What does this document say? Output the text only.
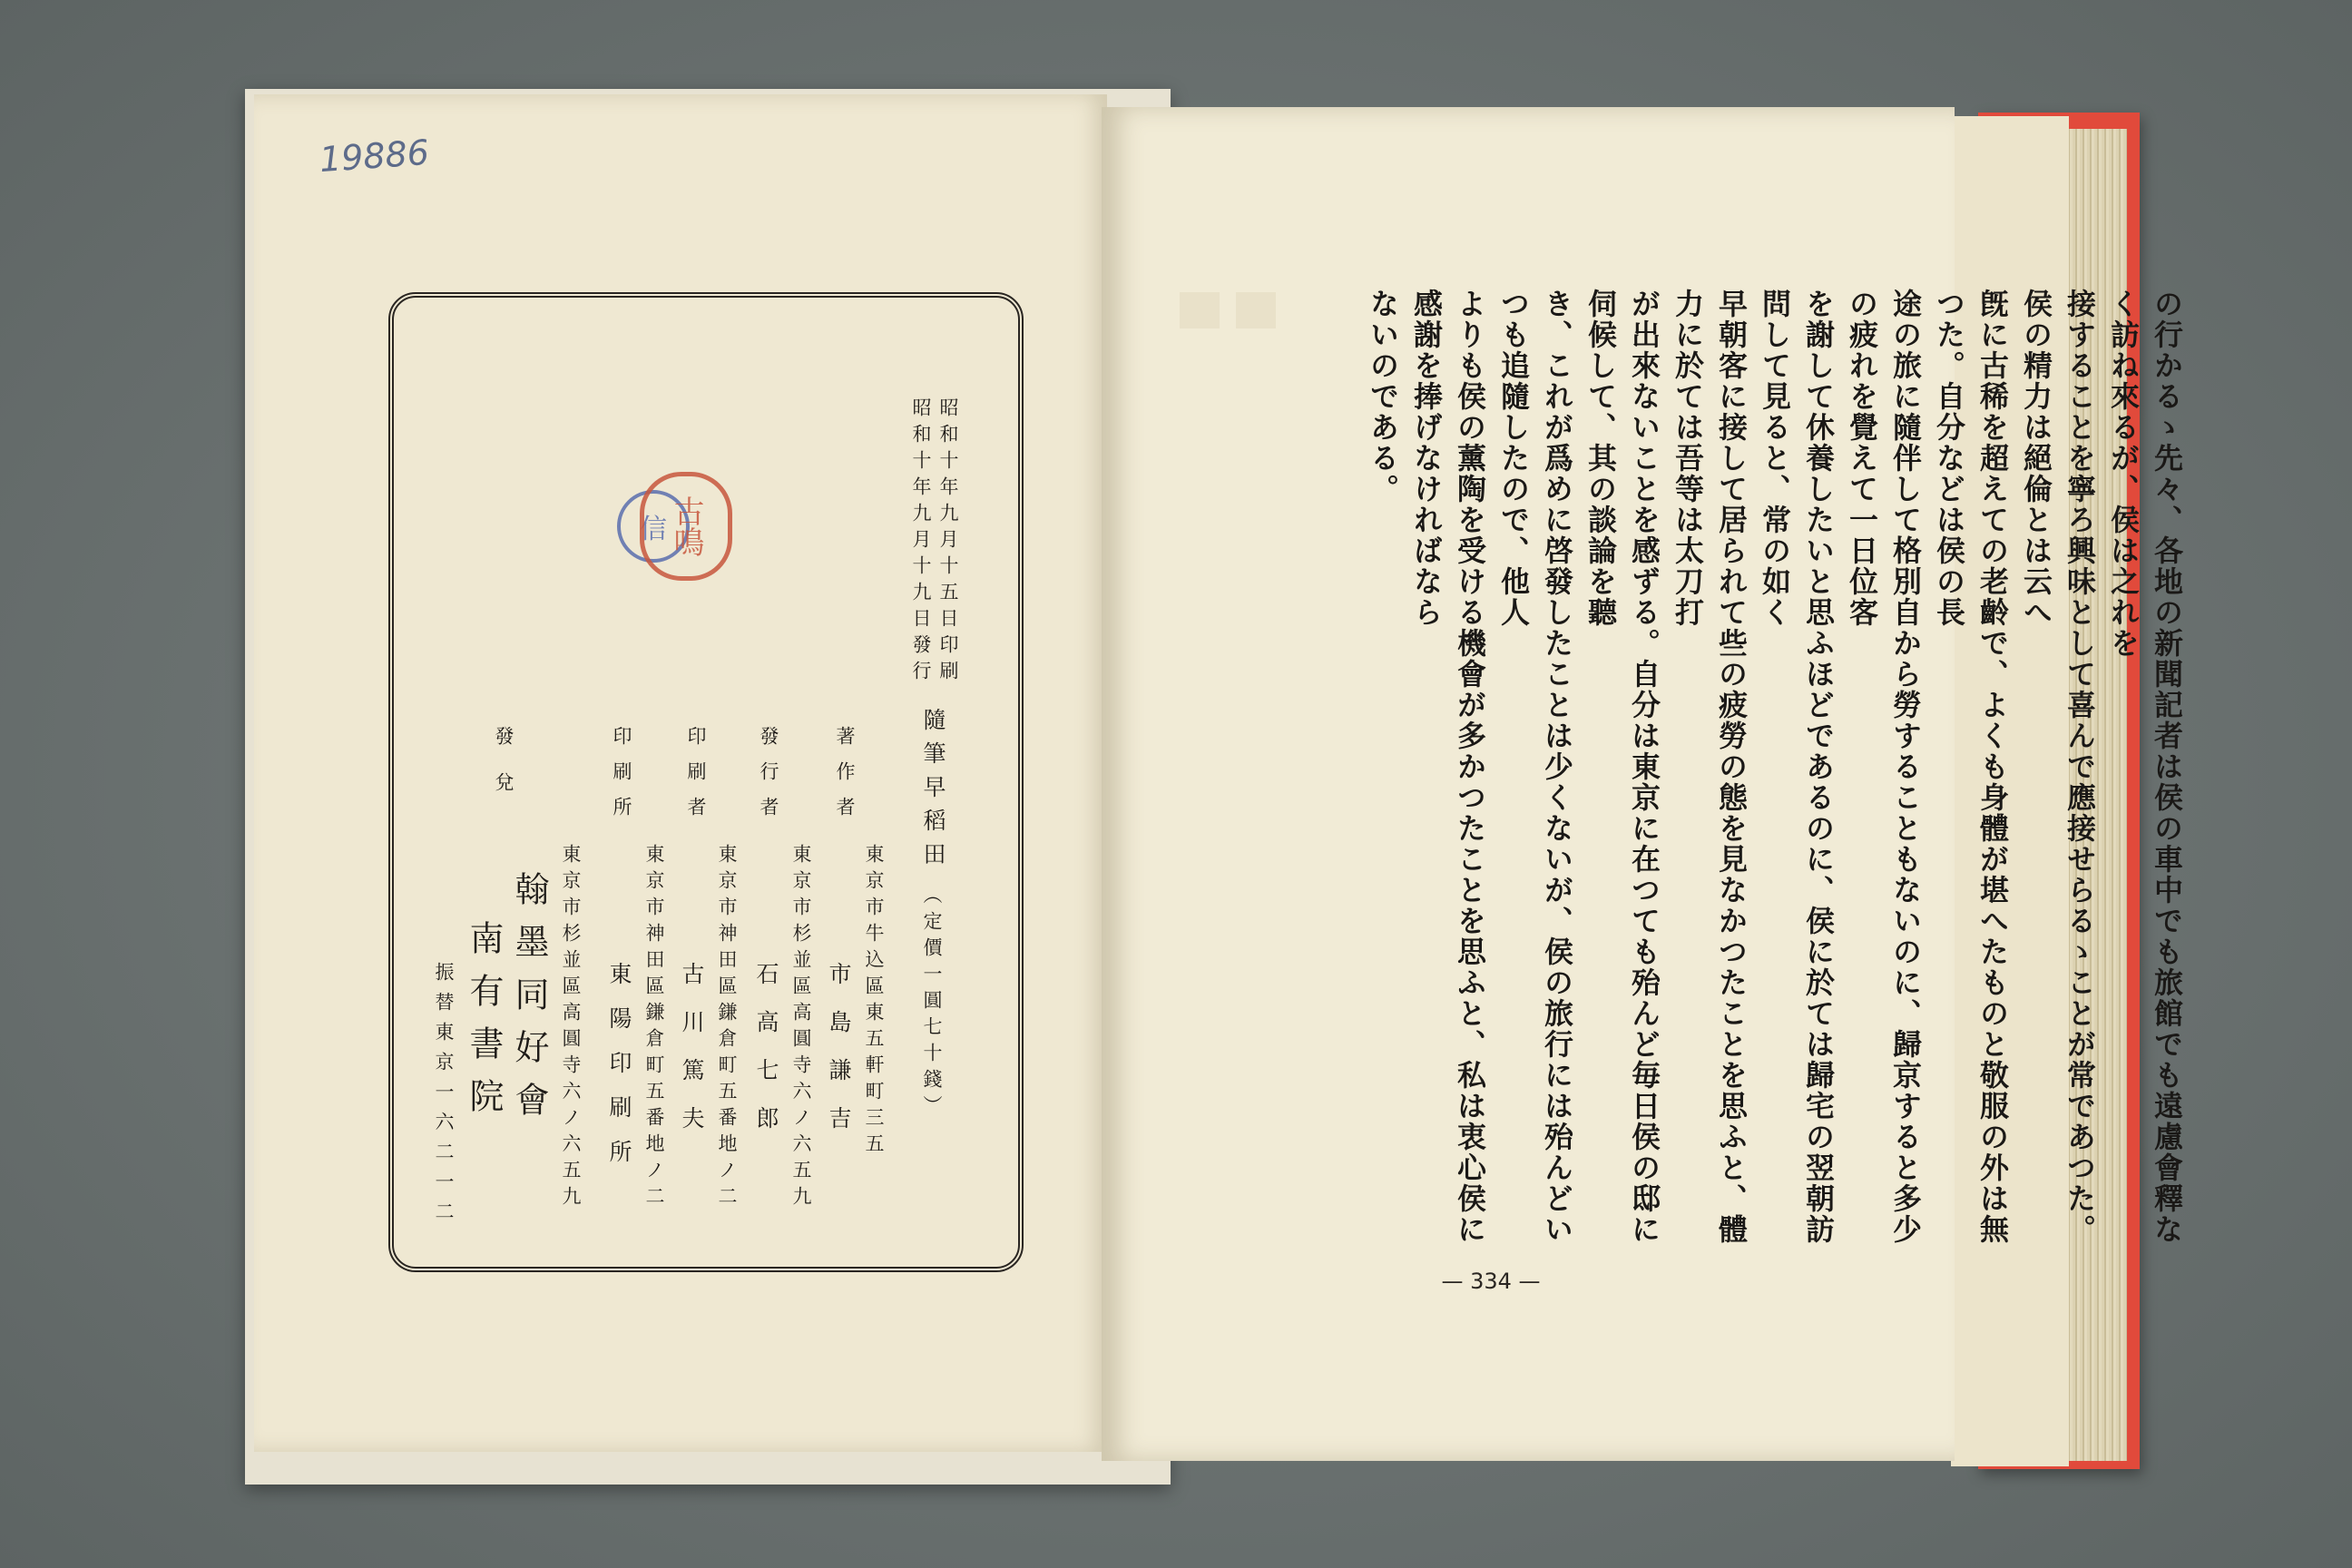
19886
信 古鳴	昭和十年九月十五日印刷
昭和十年九月十九日發行
隨筆早稻田
（定價一圓七十錢）
著作者
東京市牛込區東五軒町三五
市島謙吉
發行者
東京市杉並區高圓寺六ノ六五九
石高七郎
印刷者
東京市神田區鎌倉町五番地ノ二
古川篤夫
印刷所
東京市神田區鎌倉町五番地ノ二
東陽印刷所
發兌
東京市杉並區高圓寺六ノ六五九
翰墨同好會
南有書院
振替東京一六二一二	の行かるゝ先々、各地の新聞記者は侯の車中でも旅館でも遠慮會釋なく訪ね來るが、侯は之れを

接することを寧ろ興味として喜んで應接せらるゝことが常であつた。侯の精力は絕倫とは云へ

旣に古稀を超えての老齡で、よくも身體が堪へたものと敬服の外は無つた。自分などは侯の長

途の旅に隨伴して格別自から勞することもないのに、歸京すると多少の疲れを覺えて一日位客

を謝して休養したいと思ふほどであるのに、侯に於ては歸宅の翌朝訪問して見ると、常の如く

早朝客に接して居られて些の疲勞の態を見なかつたことを思ふと、體力に於ては吾等は太刀打

が出來ないことを感ずる。自分は東京に在つても殆んど毎日侯の邸に伺候して、其の談論を聽

き、これが爲めに啓發したことは少くないが、侯の旅行には殆んどいつも追隨したので、他人

よりも侯の薰陶を受ける機會が多かつたことを思ふと、私は衷心侯に感謝を捧げなければなら

ないのである。

— 334 —
